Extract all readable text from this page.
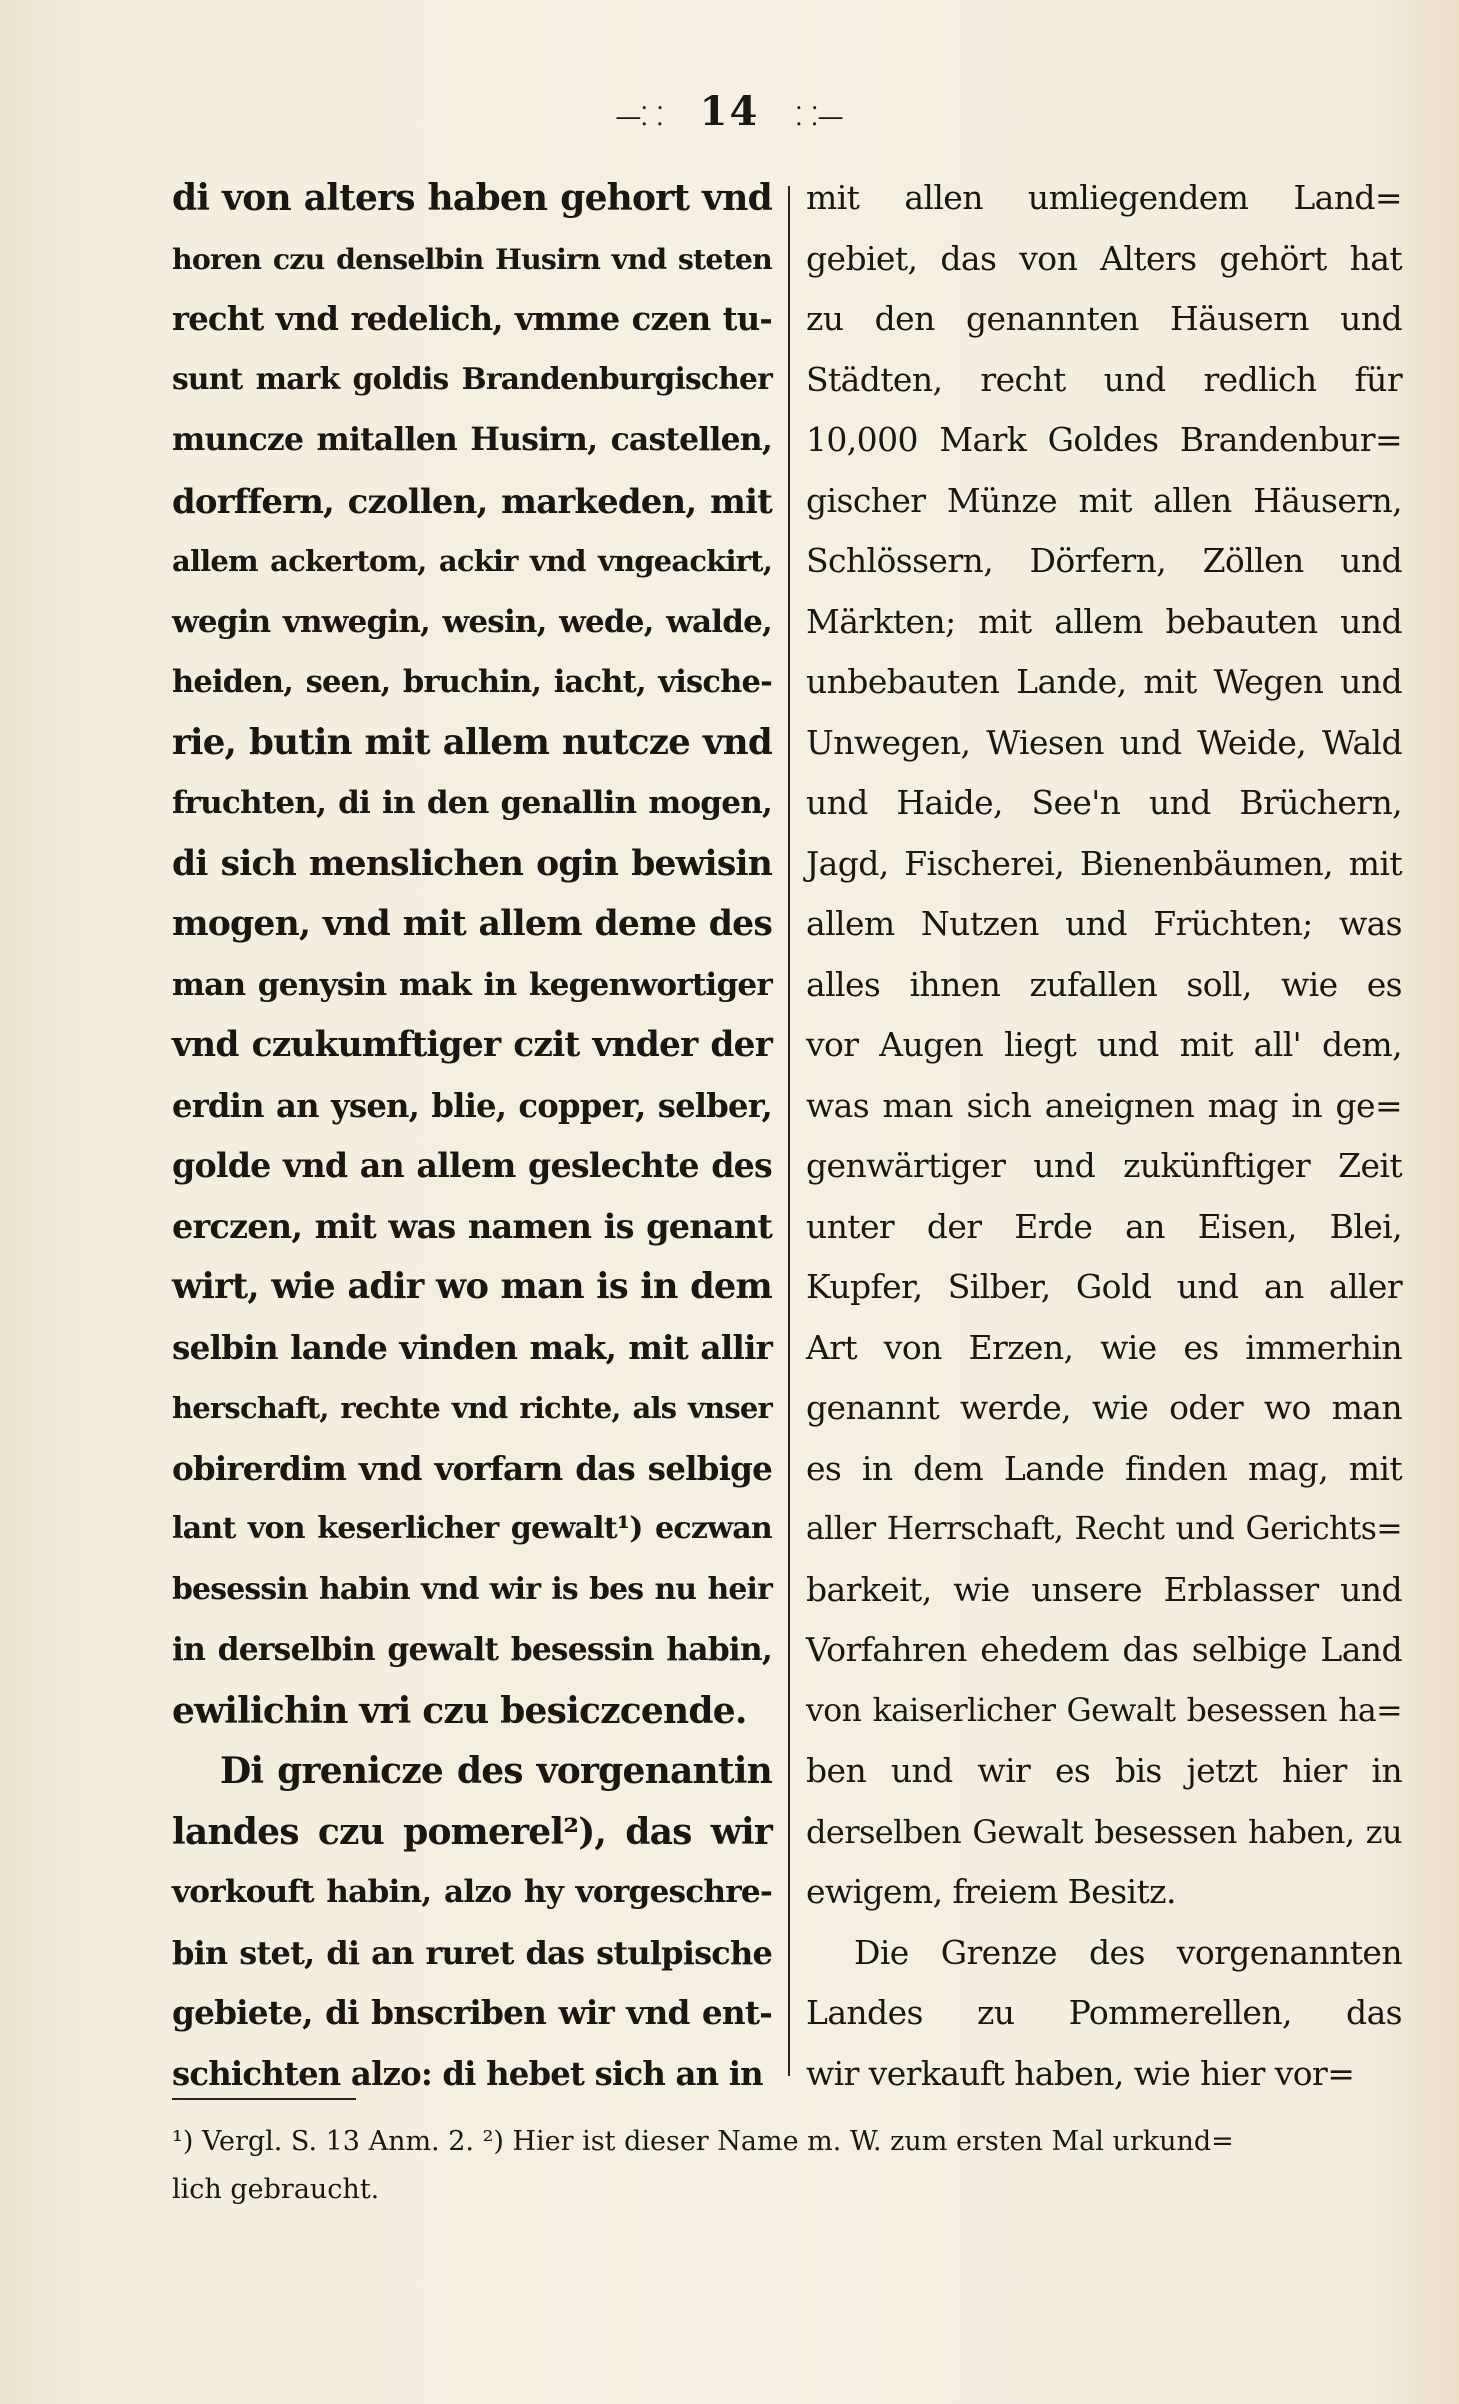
—⸬ 14 ⸬—
di von alters haben gehort vnd
horen czu denselbin Husirn vnd steten
recht vnd redelich, vmme czen tu-
sunt mark goldis Brandenburgischer
muncze mitallen Husirn, castellen,
dorffern, czollen, markeden, mit
allem ackertom, ackir vnd vngeackirt,
wegin vnwegin, wesin, wede, walde,
heiden, seen, bruchin, iacht, vische-
rie, butin mit allem nutcze vnd
fruchten, di in den genallin mogen,
di sich menslichen ogin bewisin
mogen, vnd mit allem deme des
man genysin mak in kegenwortiger
vnd czukumftiger czit vnder der
erdin an ysen, blie, copper, selber,
golde vnd an allem geslechte des
erczen, mit was namen is genant
wirt, wie adir wo man is in dem
selbin lande vinden mak, mit allir
herschaft, rechte vnd richte, als vnser
obirerdim vnd vorfarn das selbige
lant von keserlicher gewalt¹) eczwan
besessin habin vnd wir is bes nu heir
in derselbin gewalt besessin habin,
ewilichin vri czu besiczcende.
Di grenicze des vorgenantin
landes czu pomerel²), das wir
vorkouft habin, alzo hy vorgeschre-
bin stet, di an ruret das stulpische
gebiete, di bnscriben wir vnd ent-
schichten alzo: di hebet sich an in
mit allen umliegendem Land=
gebiet, das von Alters gehört hat
zu den genannten Häusern und
Städten, recht und redlich für
10,000 Mark Goldes Brandenbur=
gischer Münze mit allen Häusern,
Schlössern, Dörfern, Zöllen und
Märkten; mit allem bebauten und
unbebauten Lande, mit Wegen und
Unwegen, Wiesen und Weide, Wald
und Haide, See'n und Brüchern,
Jagd, Fischerei, Bienenbäumen, mit
allem Nutzen und Früchten; was
alles ihnen zufallen soll, wie es
vor Augen liegt und mit all' dem,
was man sich aneignen mag in ge=
genwärtiger und zukünftiger Zeit
unter der Erde an Eisen, Blei,
Kupfer, Silber, Gold und an aller
Art von Erzen, wie es immerhin
genannt werde, wie oder wo man
es in dem Lande finden mag, mit
aller Herrschaft, Recht und Gerichts=
barkeit, wie unsere Erblasser und
Vorfahren ehedem das selbige Land
von kaiserlicher Gewalt besessen ha=
ben und wir es bis jetzt hier in
derselben Gewalt besessen haben, zu
ewigem, freiem Besitz.
Die Grenze des vorgenannten
Landes zu Pommerellen, das
wir verkauft haben, wie hier vor=
¹) Vergl. S. 13 Anm. 2. ²) Hier ist dieser Name m. W. zum ersten Mal urkund=
lich gebraucht.
